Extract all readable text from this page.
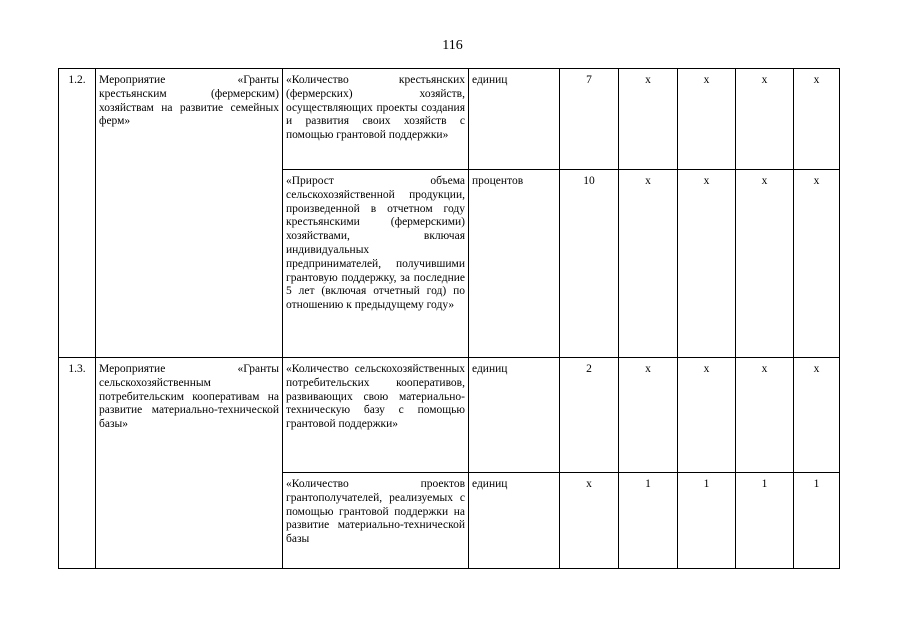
116
1.2.	Мероприятие «Гранты крестьянским (фермерским) хозяйствам на развитие семейных ферм»	«Количество крестьянских (фермерских) хозяйств, осуществляющих проекты создания и развития своих хозяйств с помощью грантовой поддержки»	единиц	7	x	x	x	x
		«Прирост объема сельскохозяйственной продукции, произведенной в отчетном году крестьянскими (фермерскими) хозяйствами, включая индивидуальных предпринимателей, получившими грантовую поддержку, за последние 5 лет (включая отчетный год) по отношению к предыдущему году»	процентов	10	x	x	x	x
1.3.	Мероприятие «Гранты сельскохозяйственным потребительским кооперативам на развитие материально-технической базы»	«Количество сельскохозяйственных потребительских кооперативов, развивающих свою материально-техническую базу с помощью грантовой поддержки»	единиц	2	x	x	x	x
		«Количество проектов грантополучателей, реализуемых с помощью грантовой поддержки на развитие материально-технической базы	единиц	x	1	1	1	1
